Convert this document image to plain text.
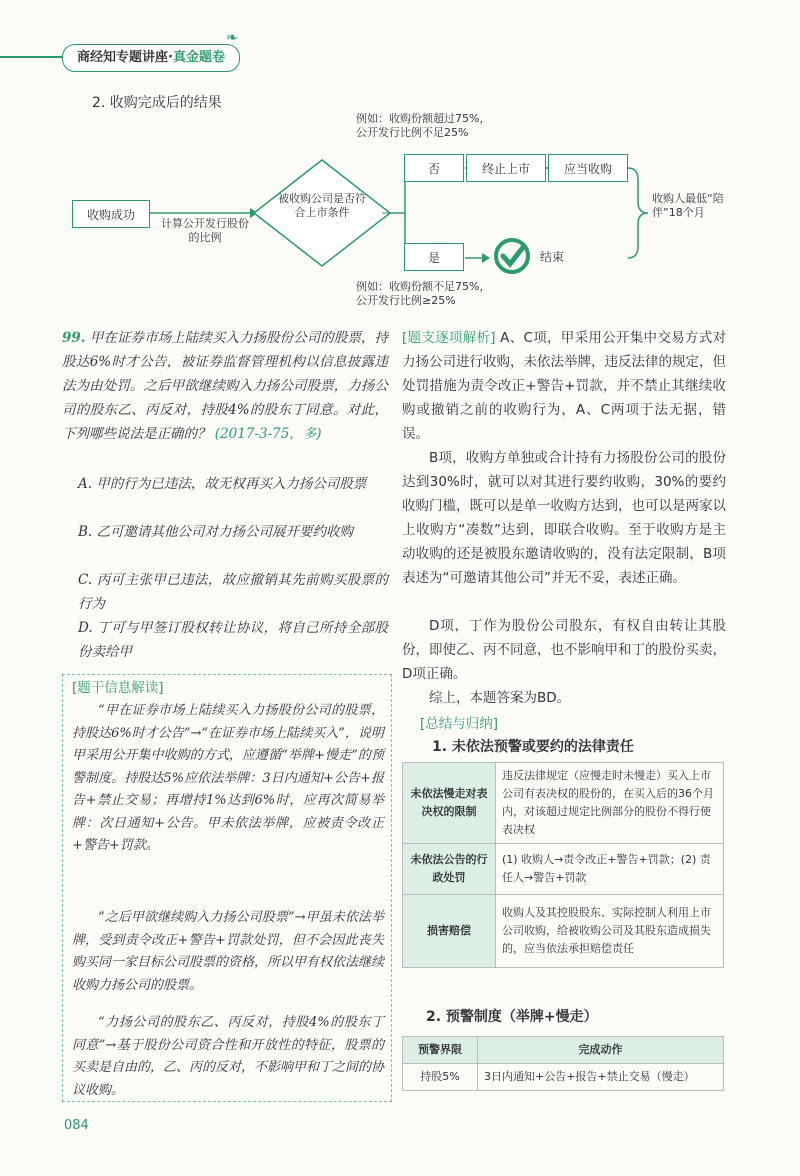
商经知专题讲座·真金题卷
❧
2. 收购完成后的结果
收购成功
计算公开发行股份的比例
被收购公司是否符合上市条件
否	终止上市	应当收购
是	结束
例如：收购份额超过75%，公开发行比例不足25%
例如：收购份额不足75%，公开发行比例≥25%
收购人最低“陪伴”18个月
99. 甲在证券市场上陆续买入力扬股份公司的股票，持股达6%时才公告，被证券监督管理机构以信息披露违法为由处罚。之后甲欲继续购入力扬公司股票，力扬公司的股东乙、丙反对，持股4%的股东丁同意。对此，下列哪些说法是正确的？ (2017-3-75，多)
A. 甲的行为已违法，故无权再买入力扬公司股票
B. 乙可邀请其他公司对力扬公司展开要约收购
C. 丙可主张甲已违法，故应撤销其先前购买股票的行为
D. 丁可与甲签订股权转让协议，将自己所持全部股份卖给甲
[题干信息解读]
“甲在证券市场上陆续买入力扬股份公司的股票，持股达6%时才公告”→“在证券市场上陆续买入”，说明甲采用公开集中收购的方式，应遵循“举牌+慢走”的预警制度。持股达5%应依法举牌：3日内通知+公告+报告+禁止交易；再增持1%达到6%时，应再次简易举牌：次日通知+公告。甲未依法举牌，应被责令改正+警告+罚款。
“之后甲欲继续购入力扬公司股票”→甲虽未依法举牌，受到责令改正+警告+罚款处罚，但不会因此丧失购买同一家目标公司股票的资格，所以甲有权依法继续收购力扬公司的股票。
“力扬公司的股东乙、丙反对，持股4%的股东丁同意”→基于股份公司资合性和开放性的特征，股票的买卖是自由的，乙、丙的反对，不影响甲和丁之间的协议收购。
[题支逐项解析] A、C项，甲采用公开集中交易方式对力扬公司进行收购，未依法举牌，违反法律的规定，但处罚措施为责令改正+警告+罚款，并不禁止其继续收购或撤销之前的收购行为，A、C两项于法无据，错误。
B项，收购方单独或合计持有力扬股份公司的股份达到30%时，就可以对其进行要约收购，30%的要约收购门槛，既可以是单一收购方达到，也可以是两家以上收购方“凑数”达到，即联合收购。至于收购方是主动收购的还是被股东邀请收购的，没有法定限制，B项表述为“可邀请其他公司”并无不妥，表述正确。
D项，丁作为股份公司股东，有权自由转让其股份，即使乙、丙不同意，也不影响甲和丁的股份买卖，D项正确。
综上，本题答案为BD。
[总结与归纳]
1. 未依法预警或要约的法律责任
未依法慢走对表决权的限制	违反法律规定（应慢走时未慢走）买入上市公司有表决权的股份的，在买入后的36个月内，对该超过规定比例部分的股份不得行使表决权
未依法公告的行政处罚	(1) 收购人→责令改正+警告+罚款；(2) 责任人→警告+罚款
损害赔偿	收购人及其控股股东、实际控制人利用上市公司收购，给被收购公司及其股东造成损失的，应当依法承担赔偿责任
2. 预警制度（举牌+慢走）
预警界限	完成动作
持股5%	3日内通知+公告+报告+禁止交易（慢走）
084
